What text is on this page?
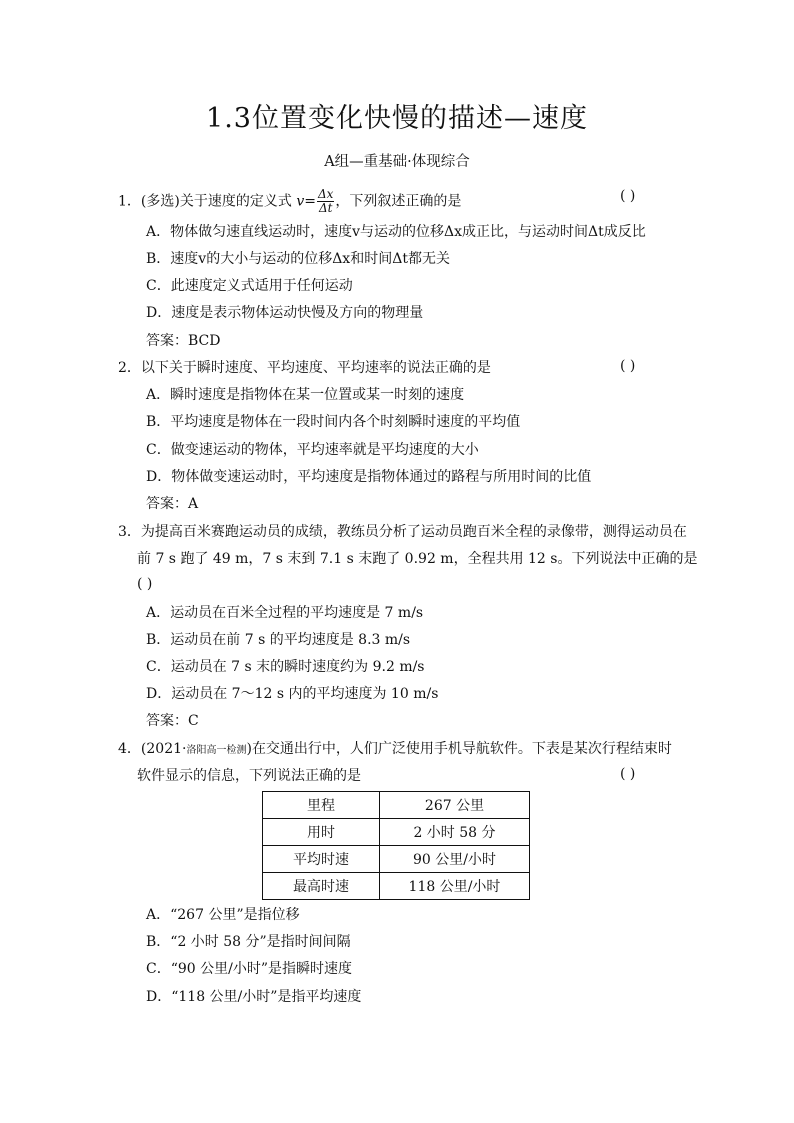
1.3位置变化快慢的描述—速度
A组—重基础·体现综合
1．(多选)关于速度的定义式 $v= \frac{\Delta x}{\Delta t}$ ，下列叙述正确的是	( )
A．物体做匀速直线运动时，速度v与运动的位移Δx成正比，与运动时间Δt成反比
B．速度v的大小与运动的位移Δx和时间Δt都无关
C．此速度定义式适用于任何运动
D．速度是表示物体运动快慢及方向的物理量
答案：BCD
2．以下关于瞬时速度、平均速度、平均速率的说法正确的是	( )
A．瞬时速度是指物体在某一位置或某一时刻的速度
B．平均速度是物体在一段时间内各个时刻瞬时速度的平均值
C．做变速运动的物体，平均速率就是平均速度的大小
D．物体做变速运动时，平均速度是指物体通过的路程与所用时间的比值
答案：A
3．为提高百米赛跑运动员的成绩，教练员分析了运动员跑百米全程的录像带，测得运动员在
前 7 s 跑了 49 m，7 s 末到 7.1 s 末跑了 0.92 m，全程共用 12 s。下列说法中正确的是
( )
A．运动员在百米全过程的平均速度是 7 m/s
B．运动员在前 7 s 的平均速度是 8.3 m/s
C．运动员在 7 s 末的瞬时速度约为 9.2 m/s
D．运动员在 7～12 s 内的平均速度为 10 m/s
答案：C
4．(2021·洛阳高一检测)在交通出行中，人们广泛使用手机导航软件。下表是某次行程结束时
软件显示的信息，下列说法正确的是	( )
里程	267 公里
用时	2 小时 58 分
平均时速	90 公里/小时
最高时速	118 公里/小时
A．“267 公里”是指位移
B．“2 小时 58 分”是指时间间隔
C．“90 公里/小时”是指瞬时速度
D．“118 公里/小时”是指平均速度
